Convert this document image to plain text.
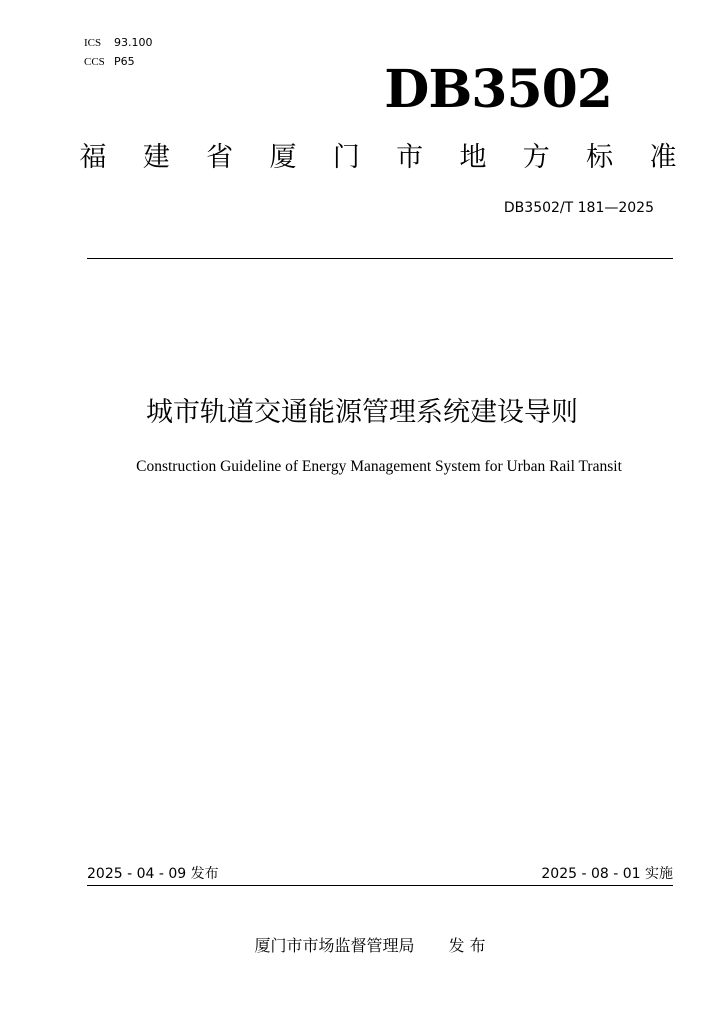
ICS 93.100
CCS P65	DB3502
福 建 省 厦 门 市 地 方 标 准
DB3502/T 181—2025
城市轨道交通能源管理系统建设导则
Construction Guideline of Energy Management System for Urban Rail Transit
2025 - 04 - 09 发布	2025 - 08 - 01 实施
厦门市市场监督管理局 发 布
